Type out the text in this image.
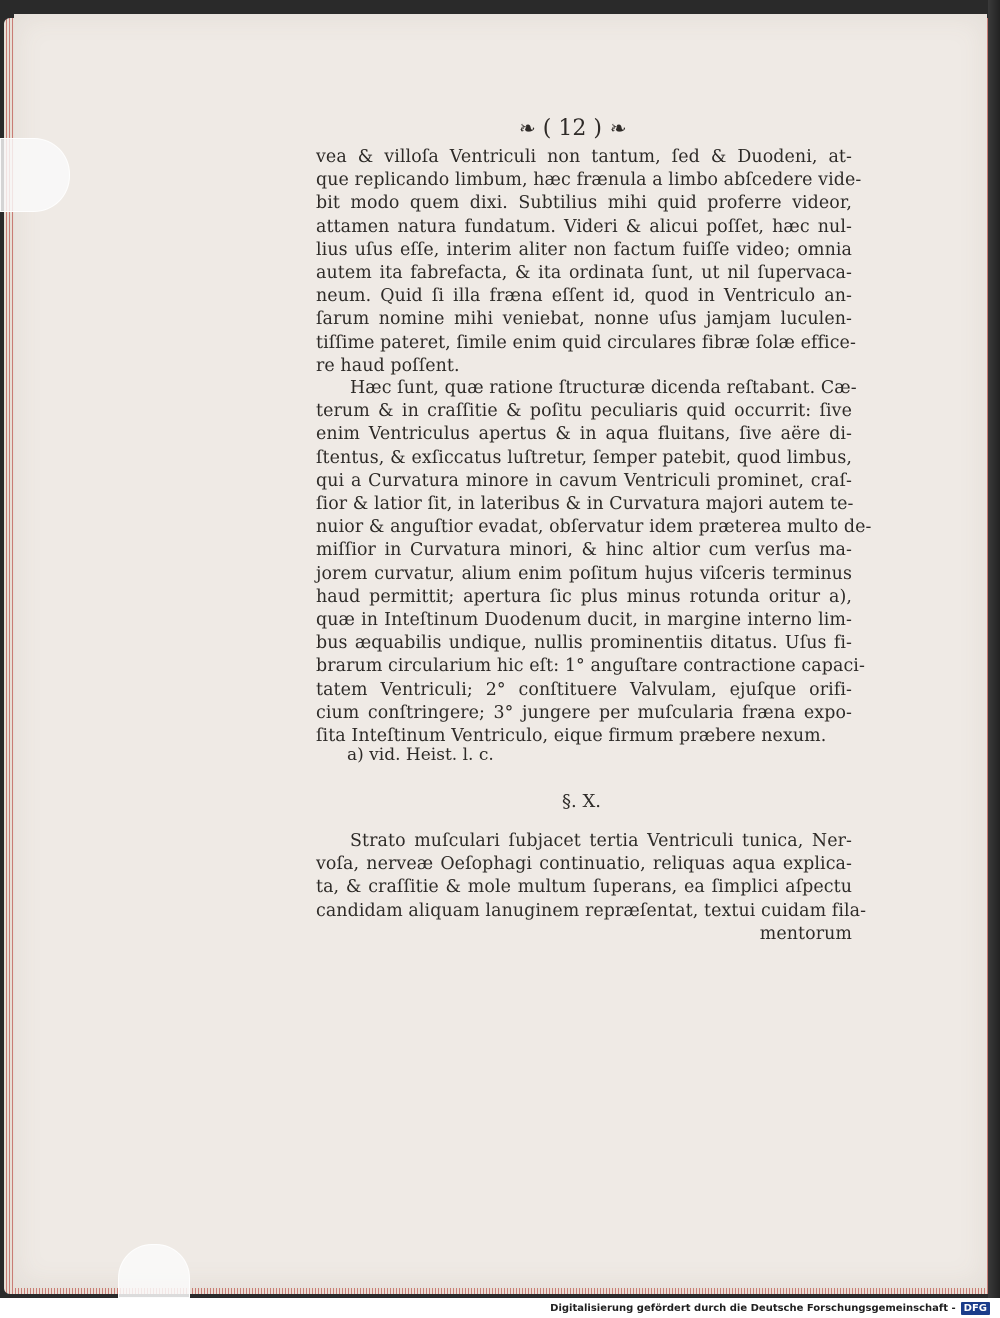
❧ ( 12 ) ❧
vea & villoſa Ventriculi non tantum, ſed & Duodeni, at-
que replicando limbum, hæc frænula a limbo abſcedere vide-
bit modo quem dixi. Subtilius mihi quid proferre videor,
attamen natura fundatum. Videri & alicui poſſet, hæc nul-
lius uſus eſſe, interim aliter non factum fuiſſe video; omnia
autem ita fabrefacta, & ita ordinata ſunt, ut nil ſupervaca-
neum. Quid ſi illa fræna eſſent id, quod in Ventriculo an-
ſarum nomine mihi veniebat, nonne uſus jamjam luculen-
tiſſime pateret, ſimile enim quid circulares fibræ ſolæ effice-
re haud poſſent.
Hæc ſunt, quæ ratione ſtructuræ dicenda reſtabant. Cæ-
terum & in craſſitie & poſitu peculiaris quid occurrit: ſive
enim Ventriculus apertus & in aqua fluitans, ſive aëre di-
ſtentus, & exſiccatus luſtretur, ſemper patebit, quod limbus,
qui a Curvatura minore in cavum Ventriculi prominet, craſ-
ſior & latior ſit, in lateribus & in Curvatura majori autem te-
nuior & anguſtior evadat, obſervatur idem præterea multo de-
miſſior in Curvatura minori, & hinc altior cum verſus ma-
jorem curvatur, alium enim poſitum hujus viſceris terminus
haud permittit; apertura ſic plus minus rotunda oritur a),
quæ in Inteſtinum Duodenum ducit, in margine interno lim-
bus æquabilis undique, nullis prominentiis ditatus. Uſus fi-
brarum circularium hic eſt: 1° anguſtare contractione capaci-
tatem Ventriculi; 2° conſtituere Valvulam, ejuſque orifi-
cium conſtringere; 3° jungere per muſcularia fræna expo-
ſita Inteſtinum Ventriculo, eique firmum præbere nexum.
a) vid. Heist. l. c.
§. X.
Strato muſculari ſubjacet tertia Ventriculi tunica, Ner-
voſa, nerveæ Oeſophagi continuatio, reliquas aqua explica-
ta, & craſſitie & mole multum ſuperans, ea ſimplici aſpectu
candidam aliquam lanuginem repræſentat, textui cuidam fila-
mentorum
Digitalisierung gefördert durch die Deutsche Forschungsgemeinschaft - DFG
